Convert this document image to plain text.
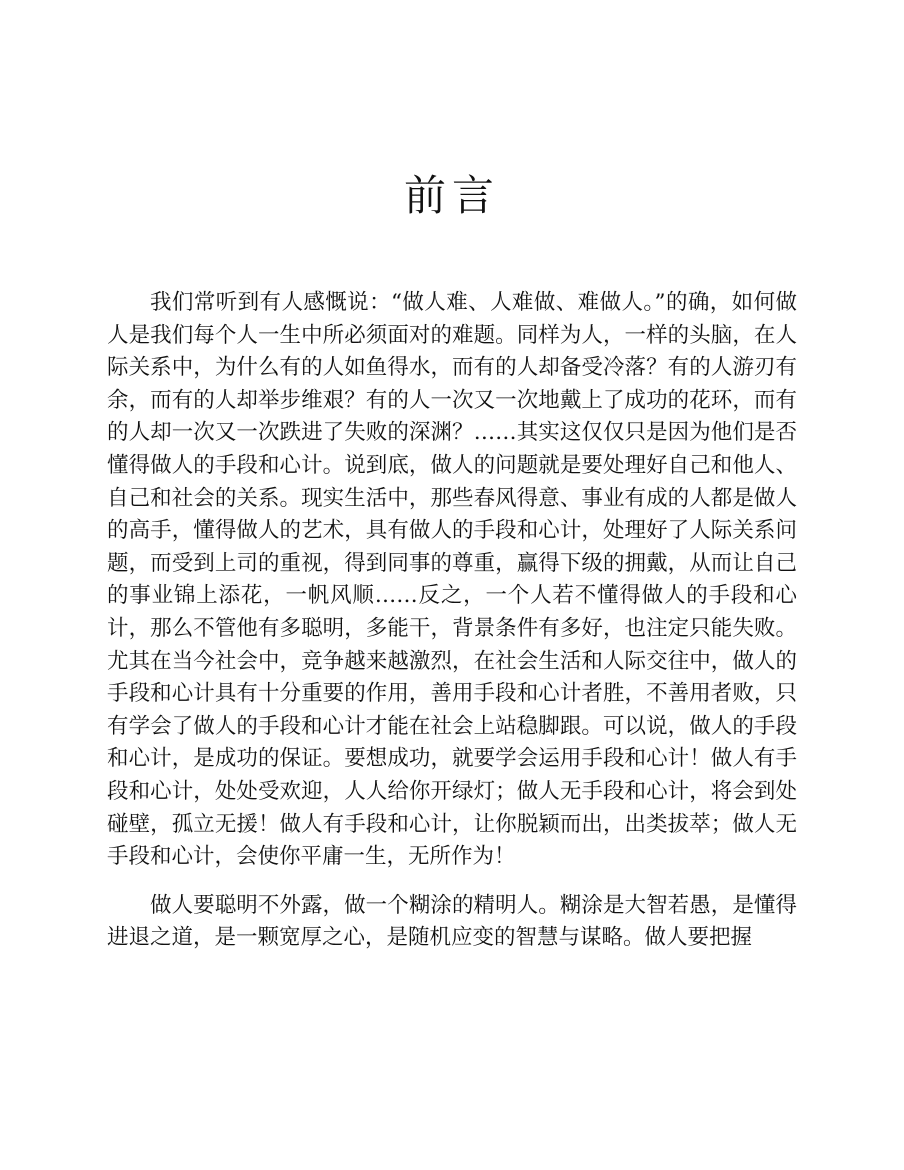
前言

我们常听到有人感慨说：“做人难、人难做、难做人。”的确，如何做人是我们每个人一生中所必须面对的难题。同样为人，一样的头脑，在人际关系中，为什么有的人如鱼得水，而有的人却备受冷落？有的人游刃有余，而有的人却举步维艰？有的人一次又一次地戴上了成功的花环，而有的人却一次又一次跌进了失败的深渊？……其实这仅仅只是因为他们是否懂得做人的手段和心计。说到底，做人的问题就是要处理好自己和他人、自己和社会的关系。现实生活中，那些春风得意、事业有成的人都是做人的高手，懂得做人的艺术，具有做人的手段和心计，处理好了人际关系问题，而受到上司的重视，得到同事的尊重，赢得下级的拥戴，从而让自己的事业锦上添花，一帆风顺……反之，一个人若不懂得做人的手段和心计，那么不管他有多聪明，多能干，背景条件有多好，也注定只能失败。尤其在当今社会中，竞争越来越激烈，在社会生活和人际交往中，做人的手段和心计具有十分重要的作用，善用手段和心计者胜，不善用者败，只有学会了做人的手段和心计才能在社会上站稳脚跟。可以说，做人的手段和心计，是成功的保证。要想成功，就要学会运用手段和心计！做人有手段和心计，处处受欢迎，人人给你开绿灯；做人无手段和心计，将会到处碰壁，孤立无援！做人有手段和心计，让你脱颖而出，出类拔萃；做人无手段和心计，会使你平庸一生，无所作为！

做人要聪明不外露，做一个糊涂的精明人。糊涂是大智若愚，是懂得进退之道，是一颗宽厚之心，是随机应变的智慧与谋略。做人要把握
